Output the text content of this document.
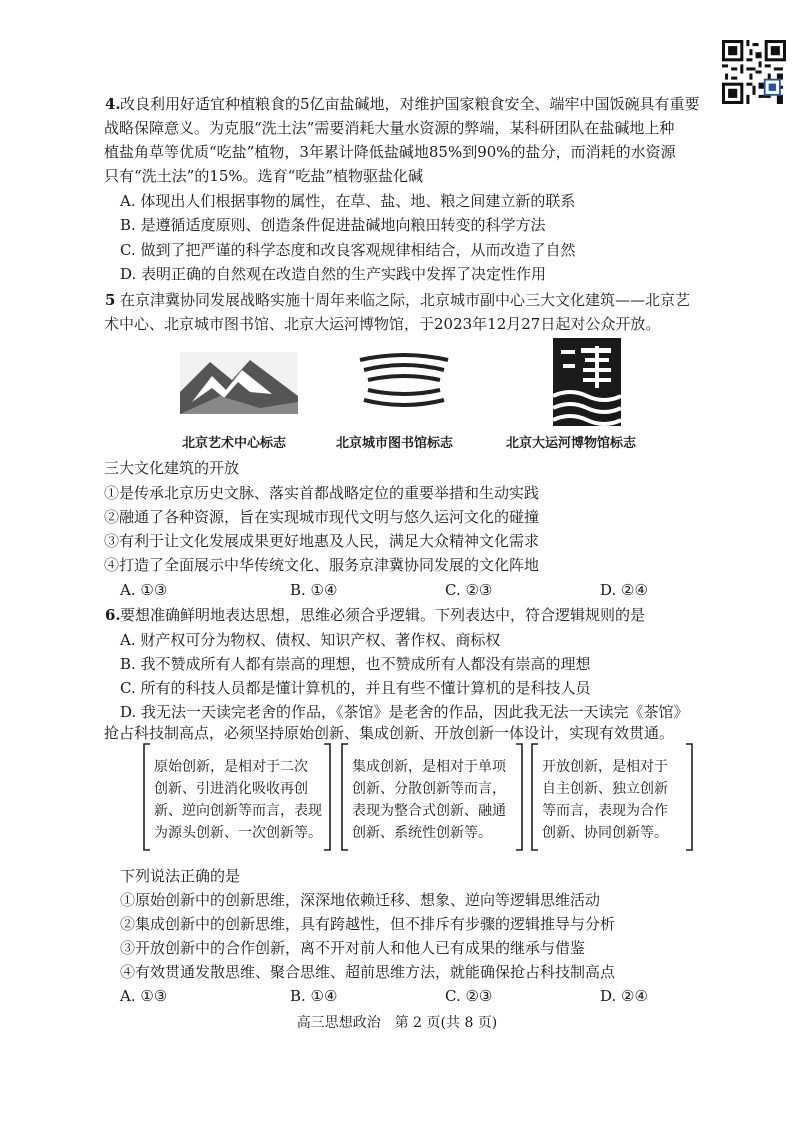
4. 改良利用好适宜种植粮食的5亿亩盐碱地，对维护国家粮食安全、端牢中国饭碗具有重要
战略保障意义。为克服“洗土法”需要消耗大量水资源的弊端，某科研团队在盐碱地上种
植盐角草等优质“吃盐”植物，3年累计降低盐碱地85%到90%的盐分，而消耗的水资源
只有“洗土法”的15%。选育“吃盐”植物驱盐化碱
A. 体现出人们根据事物的属性，在草、盐、地、粮之间建立新的联系
B. 是遵循适度原则、创造条件促进盐碱地向粮田转变的科学方法
C. 做到了把严谨的科学态度和改良客观规律相结合，从而改造了自然
D. 表明正确的自然观在改造自然的生产实践中发挥了决定性作用
5 在京津冀协同发展战略实施十周年来临之际，北京城市副中心三大文化建筑——北京艺
术中心、北京城市图书馆、北京大运河博物馆，于2023年12月27日起对公众开放。
北京艺术中心标志	北京城市图书馆标志	北京大运河博物馆标志
三大文化建筑的开放
①是传承北京历史文脉、落实首都战略定位的重要举措和生动实践
②融通了各种资源，旨在实现城市现代文明与悠久运河文化的碰撞
③有利于让文化发展成果更好地惠及人民，满足大众精神文化需求
④打造了全面展示中华传统文化、服务京津冀协同发展的文化阵地
A. ①③	B. ①④	C. ②③	D. ②④
6. 要想准确鲜明地表达思想，思维必须合乎逻辑。下列表达中，符合逻辑规则的是
A. 财产权可分为物权、债权、知识产权、著作权、商标权
B. 我不赞成所有人都有崇高的理想，也不赞成所有人都没有崇高的理想
C. 所有的科技人员都是懂计算机的，并且有些不懂计算机的是科技人员
D. 我无法一天读完老舍的作品，《茶馆》是老舍的作品，因此我无法一天读完《茶馆》
抢占科技制高点，必须坚持原始创新、集成创新、开放创新一体设计，实现有效贯通。
原始创新，是相对于二次
创新、引进消化吸收再创
新、逆向创新等而言，表现
为源头创新、一次创新等。
集成创新，是相对于单项
创新、分散创新等而言，
表现为整合式创新、融通
创新、系统性创新等。
开放创新，是相对于
自主创新、独立创新
等而言，表现为合作
创新、协同创新等。
下列说法正确的是
①原始创新中的创新思维，深深地依赖迁移、想象、逆向等逻辑思维活动
②集成创新中的创新思维，具有跨越性，但不排斥有步骤的逻辑推导与分析
③开放创新中的合作创新，离不开对前人和他人已有成果的继承与借鉴
④有效贯通发散思维、聚合思维、超前思维方法，就能确保抢占科技制高点
A. ①③	B. ①④	C. ②③	D. ②④
高三思想政治　第 2 页(共 8 页)
